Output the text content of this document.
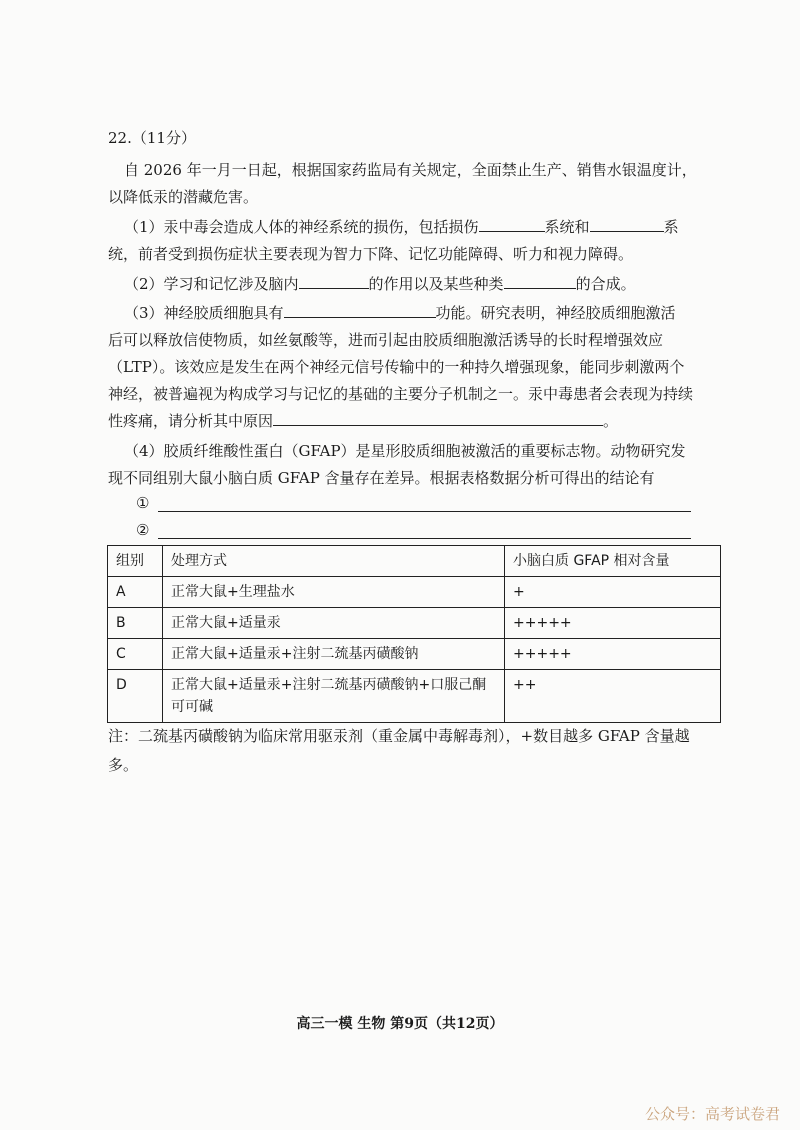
22.（11分）
自 2026 年一月一日起，根据国家药监局有关规定，全面禁止生产、销售水银温度计，
以降低汞的潜藏危害。
（1）汞中毒会造成人体的神经系统的损伤，包括损伤	系统和	系
统，前者受到损伤症状主要表现为智力下降、记忆功能障碍、听力和视力障碍。
（2）学习和记忆涉及脑内	的作用以及某些种类	的合成。
（3）神经胶质细胞具有	功能。研究表明，神经胶质细胞激活
后可以释放信使物质，如丝氨酸等，进而引起由胶质细胞激活诱导的长时程增强效应
（LTP）。该效应是发生在两个神经元信号传输中的一种持久增强现象，能同步刺激两个
神经，被普遍视为构成学习与记忆的基础的主要分子机制之一。汞中毒患者会表现为持续
性疼痛，请分析其中原因	。
（4）胶质纤维酸性蛋白（GFAP）是星形胶质细胞被激活的重要标志物。动物研究发
现不同组别大鼠小脑白质 GFAP 含量存在差异。根据表格数据分析可得出的结论有
①
②
组别	处理方式	小脑白质 GFAP 相对含量
A	正常大鼠+生理盐水	+
B	正常大鼠+适量汞	+++++
C	正常大鼠+适量汞+注射二巯基丙磺酸钠	+++++
D	正常大鼠+适量汞+注射二巯基丙磺酸钠+口服己酮可可碱	++
注：二巯基丙磺酸钠为临床常用驱汞剂（重金属中毒解毒剂），+数目越多 GFAP 含量越
多。
高三一模 生物 第9页（共12页）
公众号：高考试卷君
